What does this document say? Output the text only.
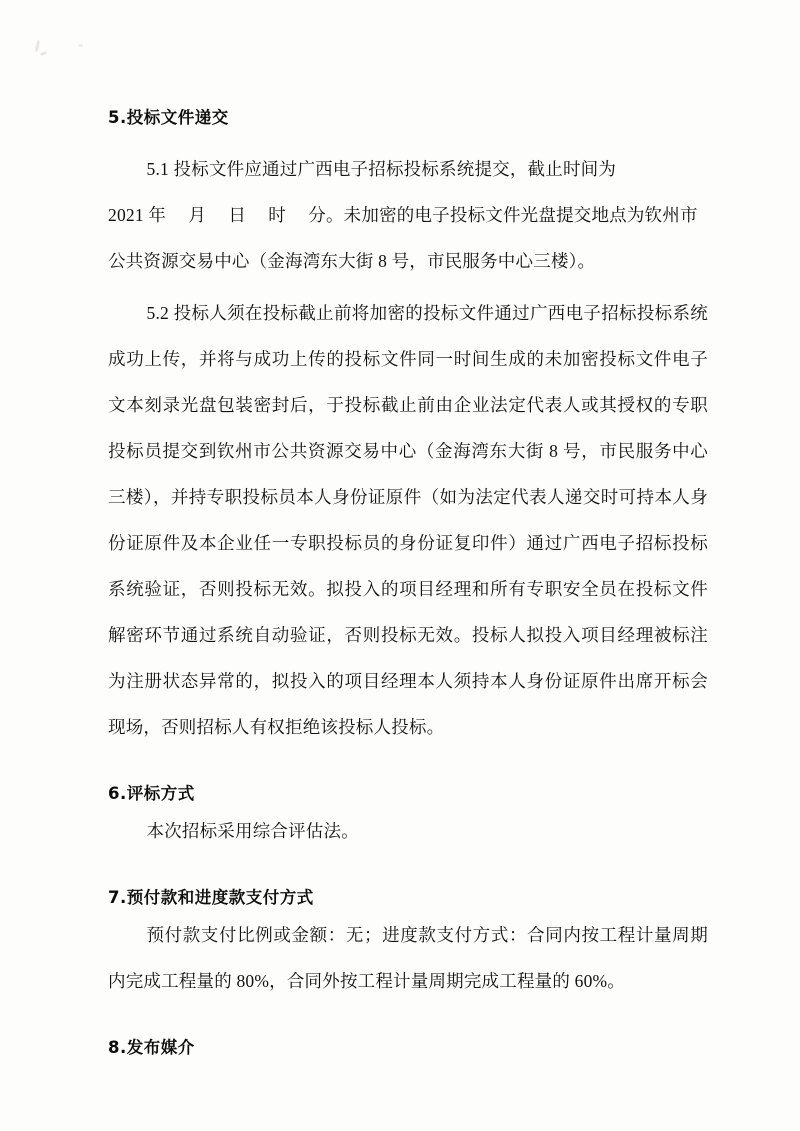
5.投标文件递交

5.1 投标文件应通过广西电子招标投标系统提交，截止时间为

2021 年　 月　 日　 时　 分。未加密的电子投标文件光盘提交地点为钦州市

公共资源交易中心（金海湾东大街 8 号，市民服务中心三楼）。

5.2 投标人须在投标截止前将加密的投标文件通过广西电子招标投标系统成功上传，并将与成功上传的投标文件同一时间生成的未加密投标文件电子文本刻录光盘包装密封后，于投标截止前由企业法定代表人或其授权的专职投标员提交到钦州市公共资源交易中心（金海湾东大街 8 号，市民服务中心三楼），并持专职投标员本人身份证原件（如为法定代表人递交时可持本人身份证原件及本企业任一专职投标员的身份证复印件）通过广西电子招标投标系统验证，否则投标无效。拟投入的项目经理和所有专职安全员在投标文件解密环节通过系统自动验证，否则投标无效。投标人拟投入项目经理被标注为注册状态异常的，拟投入的项目经理本人须持本人身份证原件出席开标会现场，否则招标人有权拒绝该投标人投标。

6.评标方式

本次招标采用综合评估法。

7.预付款和进度款支付方式

预付款支付比例或金额：无；进度款支付方式：合同内按工程计量周期内完成工程量的 80%，合同外按工程计量周期完成工程量的 60%。

8.发布媒介
